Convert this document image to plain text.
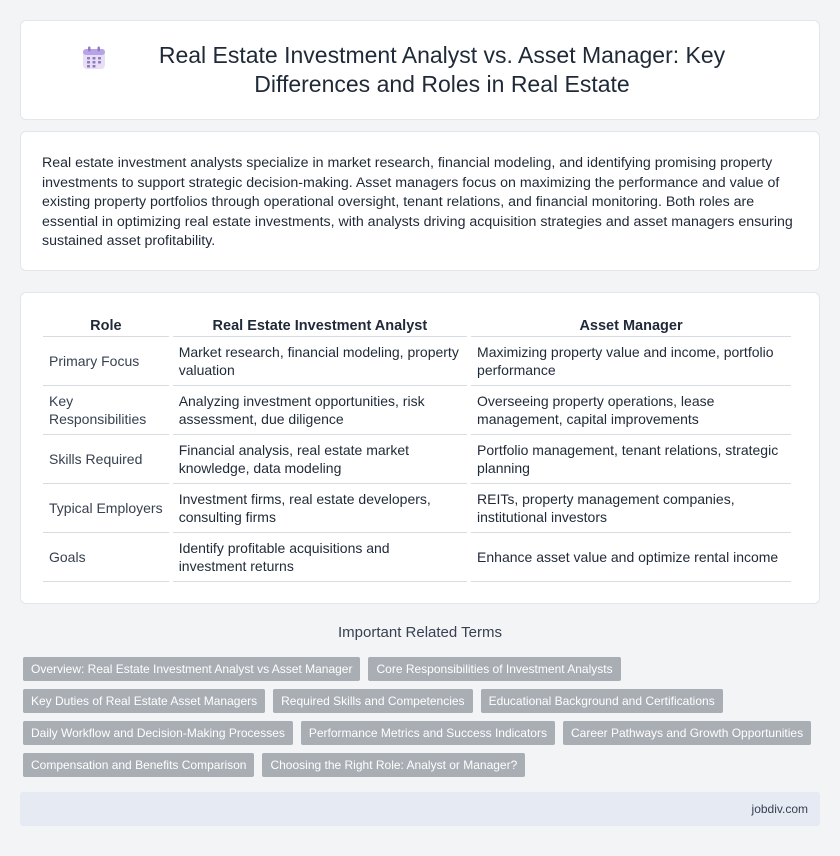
Real Estate Investment Analyst vs. Asset Manager: Key Differences and Roles in Real Estate

Real estate investment analysts specialize in market research, financial modeling, and identifying promising property investments to support strategic decision-making. Asset managers focus on maximizing the performance and value of existing property portfolios through operational oversight, tenant relations, and financial monitoring. Both roles are essential in optimizing real estate investments, with analysts driving acquisition strategies and asset managers ensuring sustained asset profitability.

Role	Real Estate Investment Analyst	Asset Manager
Primary Focus	Market research, financial modeling, property valuation	Maximizing property value and income, portfolio performance
Key Responsibilities	Analyzing investment opportunities, risk assessment, due diligence	Overseeing property operations, lease management, capital improvements
Skills Required	Financial analysis, real estate market knowledge, data modeling	Portfolio management, tenant relations, strategic planning
Typical Employers	Investment firms, real estate developers, consulting firms	REITs, property management companies, institutional investors
Goals	Identify profitable acquisitions and investment returns	Enhance asset value and optimize rental income
Important Related Terms
Overview: Real Estate Investment Analyst vs Asset Manager	Core Responsibilities of Investment Analysts
Key Duties of Real Estate Asset Managers	Required Skills and Competencies	Educational Background and Certifications
Daily Workflow and Decision-Making Processes	Performance Metrics and Success Indicators	Career Pathways and Growth Opportunities
Compensation and Benefits Comparison	Choosing the Right Role: Analyst or Manager?
jobdiv.com
